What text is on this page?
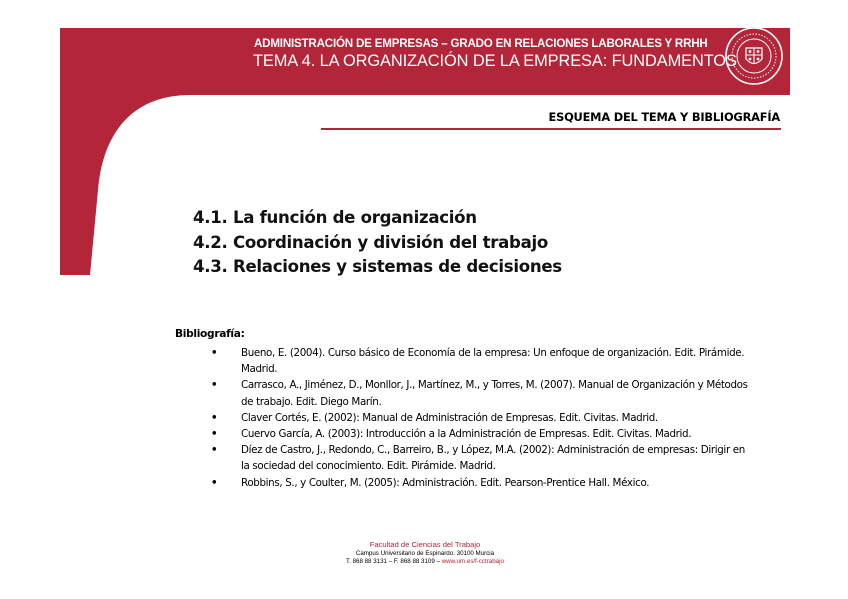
ADMINISTRACIÓN DE EMPRESAS – GRADO EN RELACIONES LABORALES Y RRHH
TEMA 4. LA ORGANIZACIÓN DE LA EMPRESA: FUNDAMENTOS
ESQUEMA DEL TEMA Y BIBLIOGRAFÍA
4.1. La función de organización
4.2. Coordinación y división del trabajo
4.3. Relaciones y sistemas de decisiones
Bibliografía:
• Bueno, E. (2004). Curso básico de Economía de la empresa: Un enfoque de organización. Edit. Pirámide. Madrid.
• Carrasco, A., Jiménez, D., Monllor, J., Martínez, M., y Torres, M. (2007). Manual de Organización y Métodos de trabajo. Edit. Diego Marín.
• Claver Cortés, E. (2002): Manual de Administración de Empresas. Edit. Civitas. Madrid.
• Cuervo García, A. (2003): Introducción a la Administración de Empresas. Edit. Civitas. Madrid.
• Díez de Castro, J., Redondo, C., Barreiro, B., y López, M.A. (2002): Administración de empresas: Dirigir en la sociedad del conocimiento. Edit. Pirámide. Madrid.
• Robbins, S., y Coulter, M. (2005): Administración. Edit. Pearson-Prentice Hall. México.
Facultad de Ciencias del Trabajo
Campus Universitario de Espinardo. 30100 Murcia
T. 868 88 3131 – F. 868 88 3109 – www.um.es/f-cctrabajo
